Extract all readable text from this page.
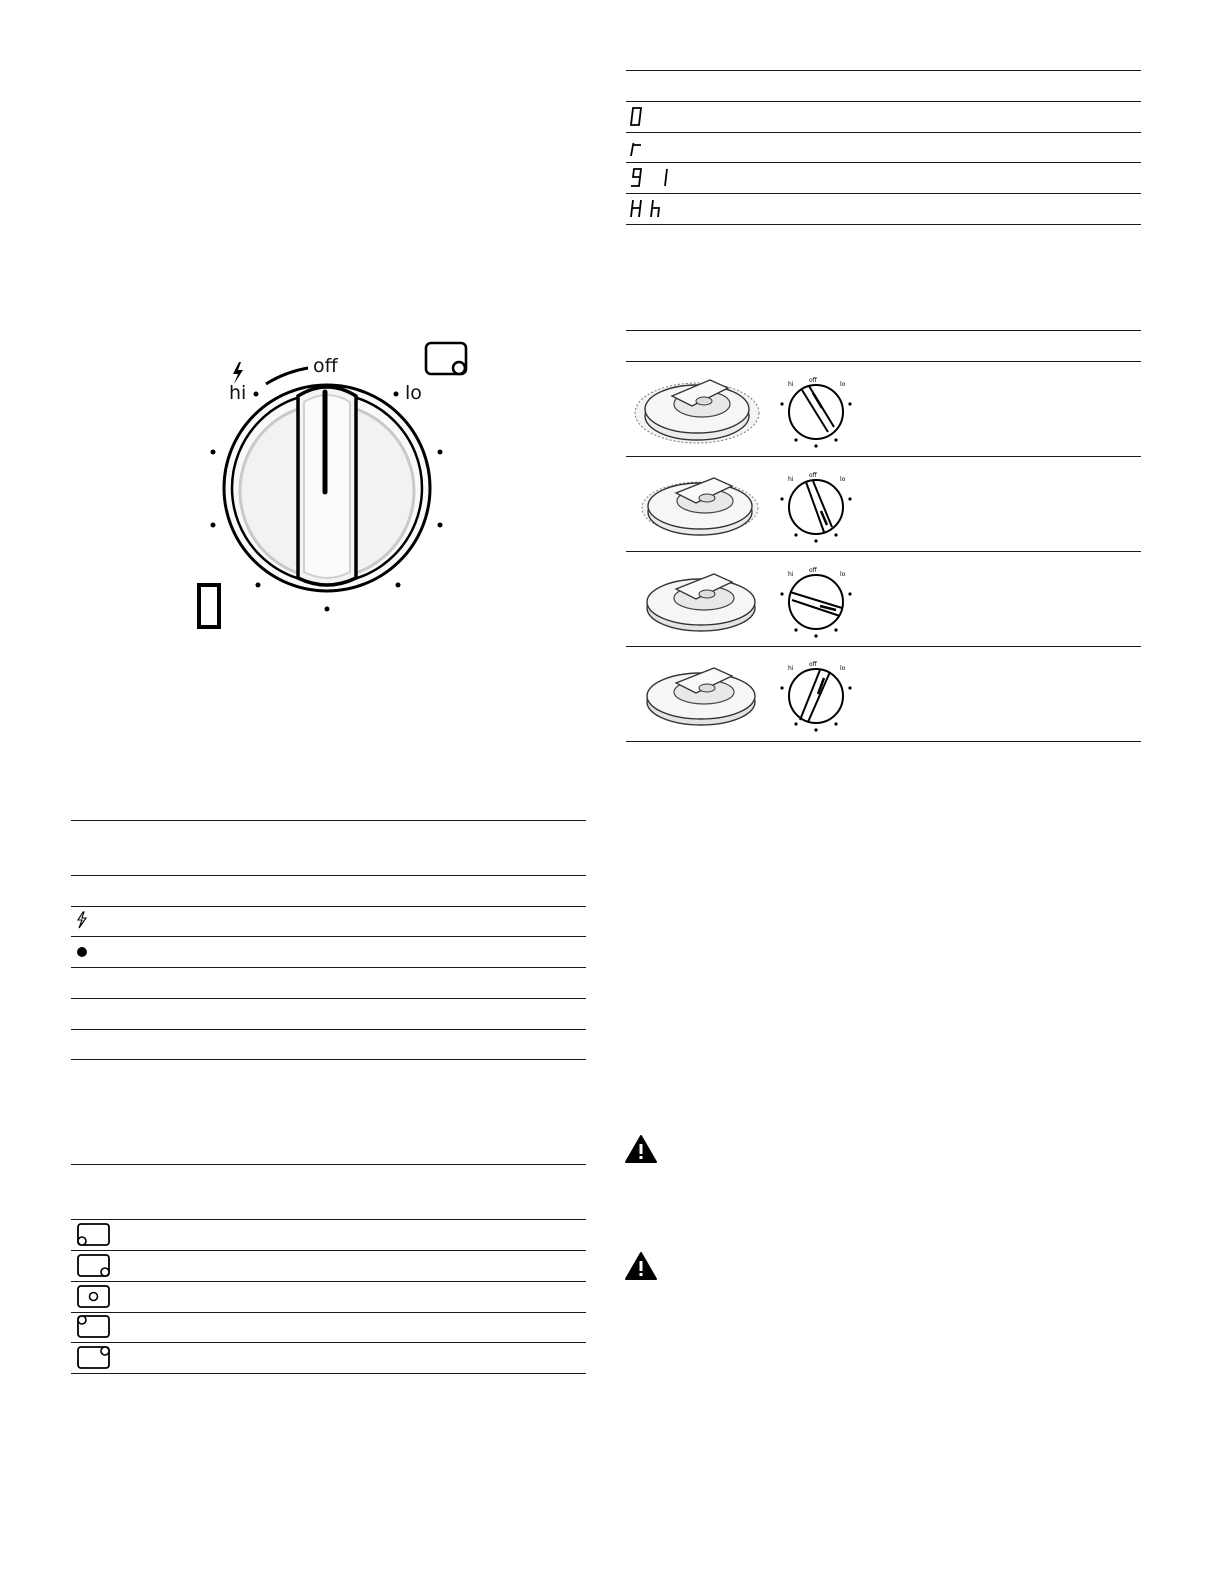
off
hi	lo
off
hi	lo
off
hi	lo
off
hi	lo
off
hi	lo
